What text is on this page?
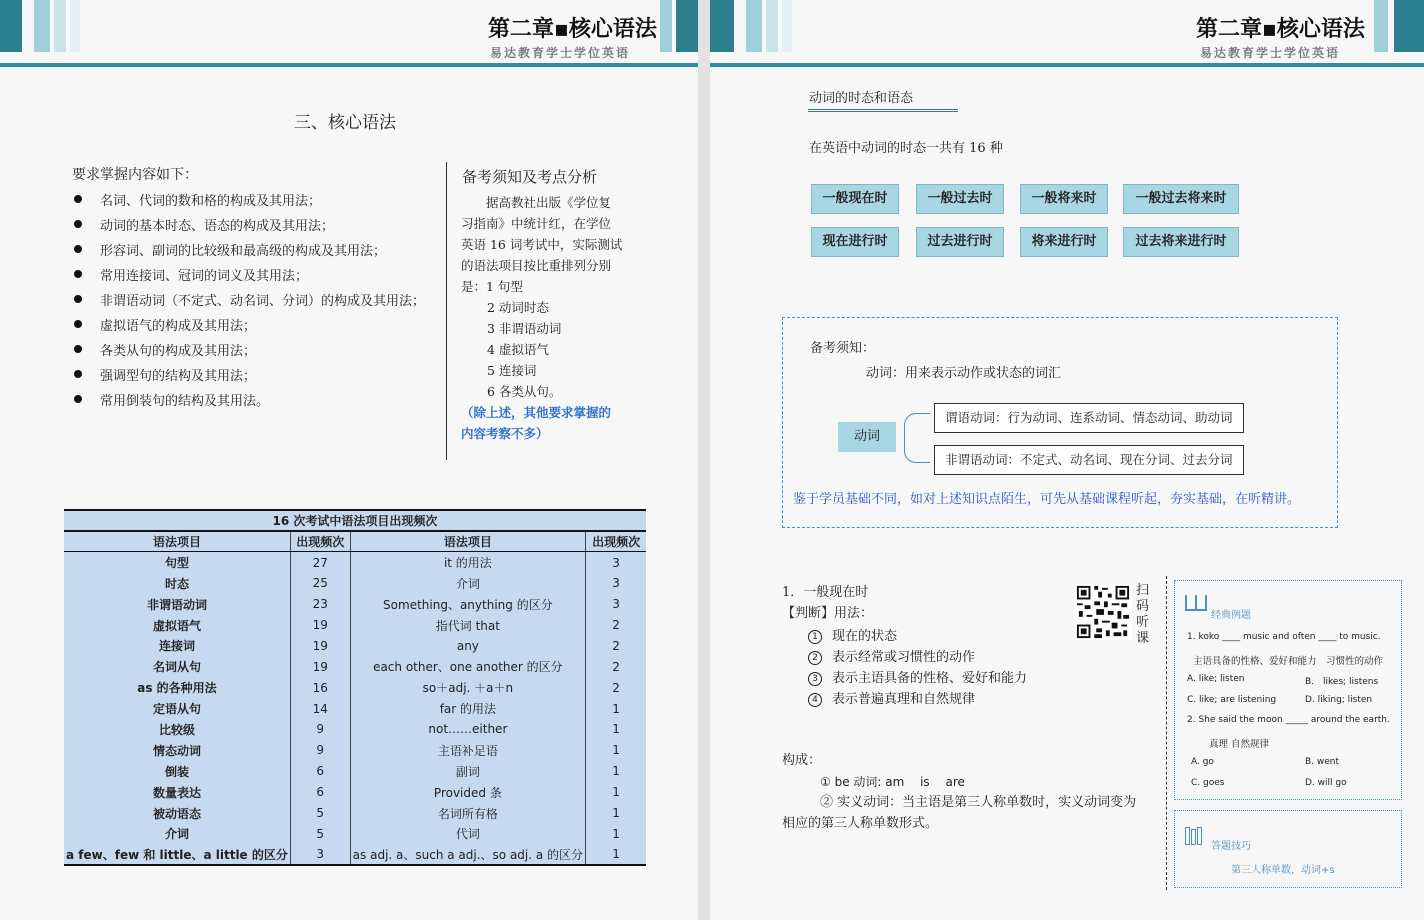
第二章▪核心语法
易达教育学士学位英语
三、核心语法
要求掌握内容如下：
名词、代词的数和格的构成及其用法；
动词的基本时态、语态的构成及其用法；
形容词、副词的比较级和最高级的构成及其用法；
常用连接词、冠词的词义及其用法；
非谓语动词（不定式、动名词、分词）的构成及其用法；
虚拟语气的构成及其用法；
各类从句的构成及其用法；
强调型句的结构及其用法；
常用倒装句的结构及其用法。
备考须知及考点分析
　　据高教社出版《学位复
习指南》中统计红，在学位
英语 16 词考试中，实际测试
的语法项目按比重排列分别
是：1 句型
2 动词时态
3 非谓语动词
4 虚拟语气
5 连接词
6 各类从句。
（除上述，其他要求掌握的
内容考察不多）
16 次考试中语法项目出现频次			
语法项目	出现频次	语法项目	出现频次
句型	27	it 的用法	3
时态	25	介词	3
非谓语动词	23	Something、anything 的区分	3
虚拟语气	19	指代词 that	2
连接词	19	any	2
名词从句	19	each other、one another 的区分	2
as 的各种用法	16	so＋adj. ＋a＋n	2
定语从句	14	far 的用法	1
比较级	9	not……either	1
情态动词	9	主语补足语	1
倒装	6	副词	1
数量表达	6	Provided 条	1
被动语态	5	名词所有格	1
介词	5	代词	1
a few、few 和 little、a little 的区分	3	as adj. a、such a adj.、so adj. a 的区分	1
第二章▪核心语法
易达教育学士学位英语
动词的时态和语态
在英语中动词的时态一共有 16 种
一般现在时	一般过去时	一般将来时	一般过去将来时
现在进行时	过去进行时	将来进行时	过去将来进行时
备考须知：
动词：用来表示动作或状态的词汇
动词
谓语动词：行为动词、连系动词、情态动词、助动词
非谓语动词：不定式、动名词、现在分词、过去分词
鉴于学员基础不同，如对上述知识点陌生，可先从基础课程听起，夯实基础，在听精讲。
1．一般现在时
【判断】用法：
1 现在的状态
2 表示经常或习惯性的动作
3 表示主语具备的性格、爱好和能力
4 表示普遍真理和自然规律
构成：
① be 动词: am　 is　 are
② 实义动词：当主语是第三人称单数时，实义动词变为
相应的第三人称单数形式。
扫码听课
经典例题
1. koko ____ music and often ____ to music.
主语具备的性格、爱好和能力　习惯性的动作
A. like; listen	B． likes; listens
C. like; are listening	D. liking; listen
2. She said the moon _____ around the earth.
真理 自然规律
A. go	B. went
C. goes	D. will go
答题技巧
第三人称单数，动词+s
